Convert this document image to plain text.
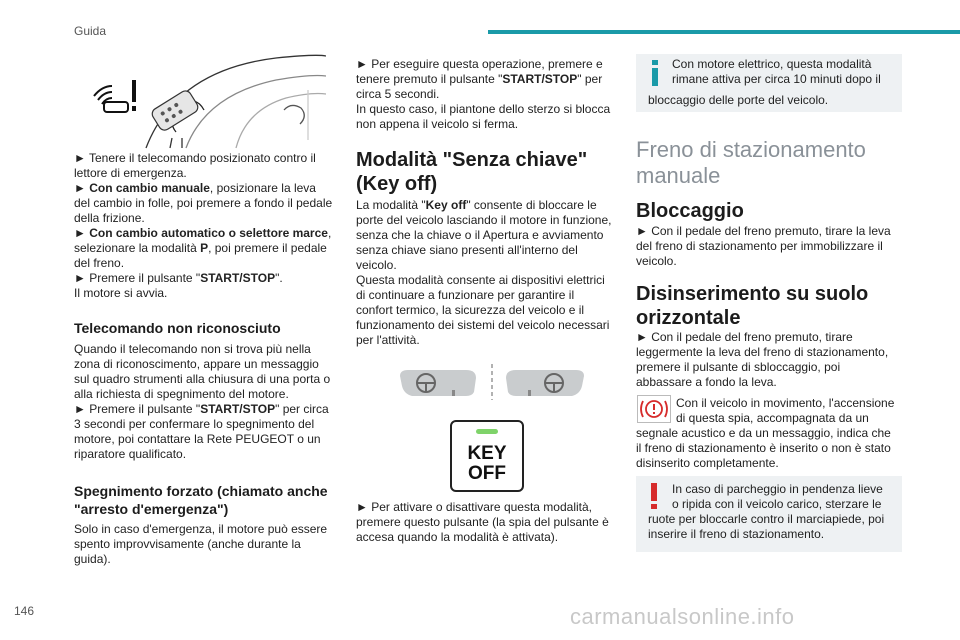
Guida

► Tenere il telecomando posizionato contro il
lettore di emergenza.
► Con cambio manuale, posizionare la leva
del cambio in folle, poi premere a fondo il pedale
della frizione.
► Con cambio automatico o selettore marce,
selezionare la modalità P, poi premere il pedale
del freno.
► Premere il pulsante "START/STOP".
Il motore si avvia.

Telecomando non riconosciuto

Quando il telecomando non si trova più nella
zona di riconoscimento, appare un messaggio
sul quadro strumenti alla chiusura di una porta o
alla richiesta di spegnimento del motore.
► Premere il pulsante "START/STOP" per circa
3 secondi per confermare lo spegnimento del
motore, poi contattare la Rete PEUGEOT o un
riparatore qualificato.

Spegnimento forzato (chiamato anche
"arresto d'emergenza")

Solo in caso d'emergenza, il motore può essere
spento improvvisamente (anche durante la
guida).

► Per eseguire questa operazione, premere e
tenere premuto il pulsante "START/STOP" per
circa 5 secondi.
In questo caso, il piantone dello sterzo si blocca
non appena il veicolo si ferma.

Modalità "Senza chiave"
(Key off)

La modalità "Key off" consente di bloccare le
porte del veicolo lasciando il motore in funzione,
senza che la chiave o il Apertura e avviamento
senza chiave siano presenti all'interno del
veicolo.
Questa modalità consente ai dispositivi elettrici
di continuare a funzionare per garantire il
confort termico, la sicurezza del veicolo e il
funzionamento dei sistemi del veicolo necessari
per l'attività.

KEY
OFF

► Per attivare o disattivare questa modalità,
premere questo pulsante (la spia del pulsante è
accesa quando la modalità è attivata).

Con motore elettrico, questa modalità
rimane attiva per circa 10 minuti dopo il

bloccaggio delle porte del veicolo.

Freno di stazionamento
manuale

Bloccaggio

► Con il pedale del freno premuto, tirare la leva
del freno di stazionamento per immobilizzare il
veicolo.

Disinserimento su suolo
orizzontale

► Con il pedale del freno premuto, tirare
leggermente la leva del freno di stazionamento,
premere il pulsante di sbloccaggio, poi
abbassare a fondo la leva.

Con il veicolo in movimento, l'accensione
di questa spia, accompagnata da un

segnale acustico e da un messaggio, indica che
il freno di stazionamento è inserito o non è stato
disinserito completamente.

In caso di parcheggio in pendenza lieve
o ripida con il veicolo carico, sterzare le

ruote per bloccarle contro il marciapiede, poi
inserire il freno di stazionamento.

146	carmanualsonline.info
